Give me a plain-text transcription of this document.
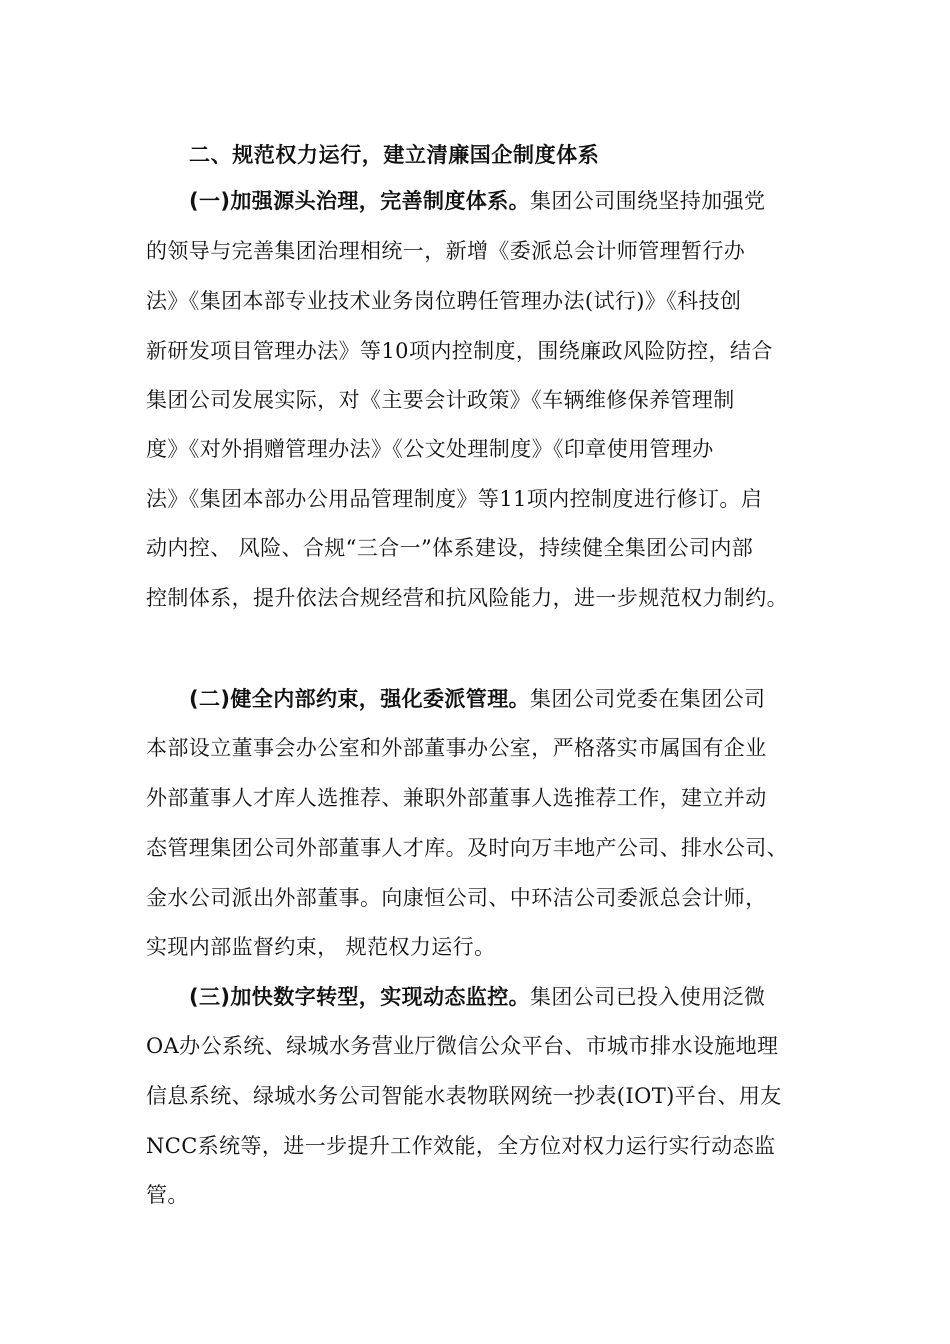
二、规范权力运行，建立清廉国企制度体系
(一)加强源头治理，完善制度体系。集团公司围绕坚持加强党
的领导与完善集团治理相统一，新增《委派总会计师管理暂行办
法》《集团本部专业技术业务岗位聘任管理办法(试行)》《科技创
新研发项目管理办法》等10项内控制度，围绕廉政风险防控，结合
集团公司发展实际，对《主要会计政策》《车辆维修保养管理制
度》《对外捐赠管理办法》《公文处理制度》《印章使用管理办
法》《集团本部办公用品管理制度》等11项内控制度进行修订。启
动内控、 风险、合规“三合一”体系建设，持续健全集团公司内部
控制体系，提升依法合规经营和抗风险能力，进一步规范权力制约。
(二)健全内部约束，强化委派管理。集团公司党委在集团公司
本部设立董事会办公室和外部董事办公室，严格落实市属国有企业
外部董事人才库人选推荐、兼职外部董事人选推荐工作，建立并动
态管理集团公司外部董事人才库。及时向万丰地产公司、排水公司、
金水公司派出外部董事。向康恒公司、中环洁公司委派总会计师，
实现内部监督约束， 规范权力运行。
(三)加快数字转型，实现动态监控。集团公司已投入使用泛微
OA办公系统、绿城水务营业厅微信公众平台、市城市排水设施地理
信息系统、绿城水务公司智能水表物联网统一抄表(IOT)平台、用友
NCC系统等，进一步提升工作效能，全方位对权力运行实行动态监
管。
